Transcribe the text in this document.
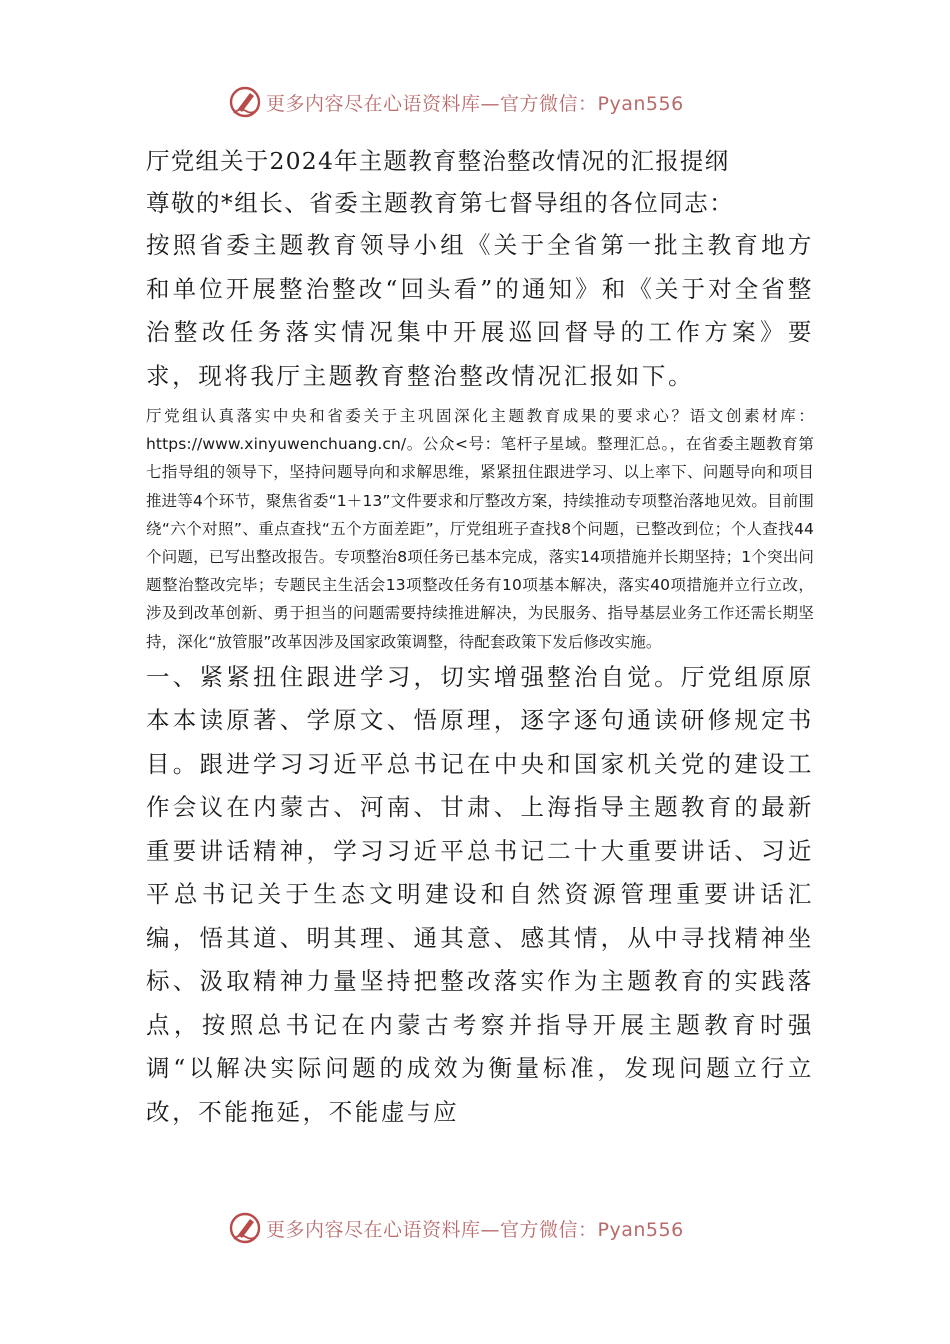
更多内容尽在心语资料库—官方微信：Pyan556
厅党组关于2024年主题教育整治整改情况的汇报提纲

尊敬的*组长、省委主题教育第七督导组的各位同志：

按照省委主题教育领导小组《关于全省第一批主教育地方和单位开展整治整改“回头看”的通知》和《关于对全省整治整改任务落实情况集中开展巡回督导的工作方案》要求，现将我厅主题教育整治整改情况汇报如下。

厅党组认真落实中央和省委关于主巩固深化主题教育成果的要求心？语文创素材库：https://www.xinyuwenchuang.cn/。公众<号：笔杆子星域。整理汇总。，在省委主题教育第七指导组的领导下，坚持问题导向和求解思维，紧紧扭住跟进学习、以上率下、问题导向和项目推进等4个环节，聚焦省委“1＋13”文件要求和厅整改方案，持续推动专项整治落地见效。目前围绕“六个对照”、重点查找“五个方面差距”，厅党组班子查找8个问题，已整改到位；个人查找44个问题，已写出整改报告。专项整治8项任务已基本完成，落实14项措施并长期坚持；1个突出问题整治整改完毕；专题民主生活会13项整改任务有10项基本解决，落实40项措施并立行立改，涉及到改革创新、勇于担当的问题需要持续推进解决，为民服务、指导基层业务工作还需长期坚持，深化“放管服”改革因涉及国家政策调整，待配套政策下发后修改实施。

一、紧紧扭住跟进学习，切实增强整治自觉。厅党组原原本本读原著、学原文、悟原理，逐字逐句通读研修规定书目。跟进学习习近平总书记在中央和国家机关党的建设工作会议在内蒙古、河南、甘肃、上海指导主题教育的最新重要讲话精神，学习习近平总书记二十大重要讲话、习近平总书记关于生态文明建设和自然资源管理重要讲话汇编，悟其道、明其理、通其意、感其情，从中寻找精神坐标、汲取精神力量坚持把整改落实作为主题教育的实践落点，按照总书记在内蒙古考察并指导开展主题教育时强调“以解决实际问题的成效为衡量标准，发现问题立行立改，不能拖延，不能虚与应

更多内容尽在心语资料库—官方微信：Pyan556
